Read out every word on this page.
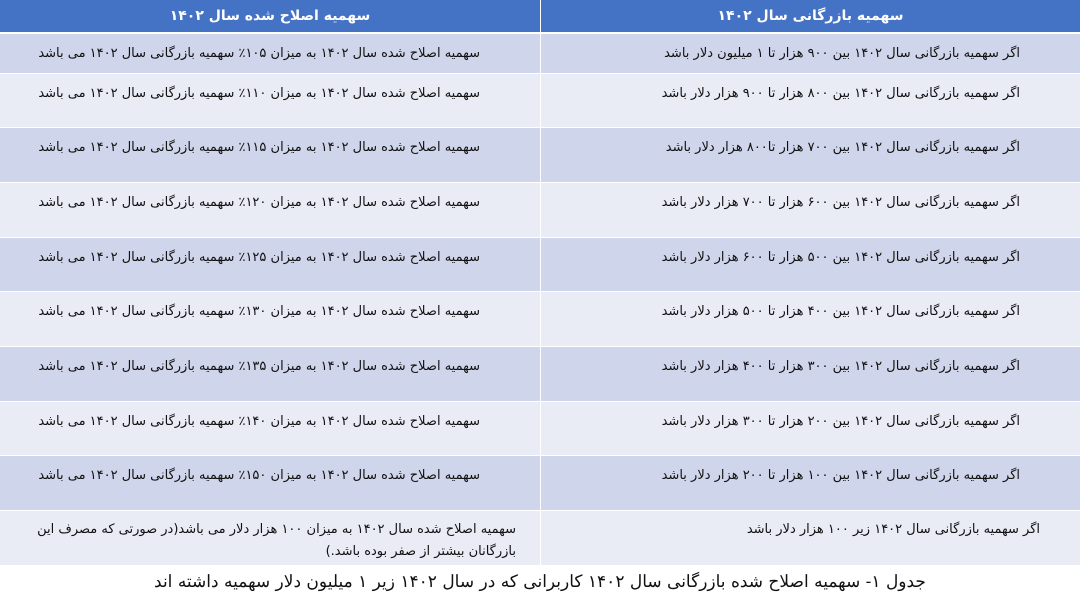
سهمیه بازرگانی سال ۱۴۰۲
سهمیه اصلاح شده سال ۱۴۰۲
اگر سهمیه بازرگانی سال ۱۴۰۲ بین ۹۰۰ هزار تا ۱ میلیون دلار باشد
سهمیه اصلاح شده سال ۱۴۰۲ به میزان ۱۰۵٪ سهمیه بازرگانی سال ۱۴۰۲ می باشد
اگر سهمیه بازرگانی سال ۱۴۰۲ بین ۸۰۰ هزار تا ۹۰۰ هزار دلار باشد
سهمیه اصلاح شده سال ۱۴۰۲ به میزان ۱۱۰٪ سهمیه بازرگانی سال ۱۴۰۲ می باشد
اگر سهمیه بازرگانی سال ۱۴۰۲ بین ۷۰۰ هزار تا۸۰۰ هزار دلار باشد
سهمیه اصلاح شده سال ۱۴۰۲ به میزان ۱۱۵٪ سهمیه بازرگانی سال ۱۴۰۲ می باشد
اگر سهمیه بازرگانی سال ۱۴۰۲ بین ۶۰۰ هزار تا ۷۰۰ هزار دلار باشد
سهمیه اصلاح شده سال ۱۴۰۲ به میزان ۱۲۰٪ سهمیه بازرگانی سال ۱۴۰۲ می باشد
اگر سهمیه بازرگانی سال ۱۴۰۲ بین ۵۰۰ هزار تا ۶۰۰ هزار دلار باشد
سهمیه اصلاح شده سال ۱۴۰۲ به میزان ۱۲۵٪ سهمیه بازرگانی سال ۱۴۰۲ می باشد
اگر سهمیه بازرگانی سال ۱۴۰۲ بین ۴۰۰ هزار تا ۵۰۰ هزار دلار باشد
سهمیه اصلاح شده سال ۱۴۰۲ به میزان ۱۳۰٪ سهمیه بازرگانی سال ۱۴۰۲ می باشد
اگر سهمیه بازرگانی سال ۱۴۰۲ بین ۳۰۰ هزار تا ۴۰۰ هزار دلار باشد
سهمیه اصلاح شده سال ۱۴۰۲ به میزان ۱۳۵٪ سهمیه بازرگانی سال ۱۴۰۲ می باشد
اگر سهمیه بازرگانی سال ۱۴۰۲ بین ۲۰۰ هزار تا ۳۰۰ هزار دلار باشد
سهمیه اصلاح شده سال ۱۴۰۲ به میزان ۱۴۰٪ سهمیه بازرگانی سال ۱۴۰۲ می باشد
اگر سهمیه بازرگانی سال ۱۴۰۲ بین ۱۰۰ هزار تا ۲۰۰ هزار دلار باشد
سهمیه اصلاح شده سال ۱۴۰۲ به میزان ۱۵۰٪ سهمیه بازرگانی سال ۱۴۰۲ می باشد
اگر سهمیه بازرگانی سال ۱۴۰۲ زیر ۱۰۰ هزار دلار باشد
سهمیه اصلاح شده سال ۱۴۰۲ به میزان ۱۰۰ هزار دلار می باشد(در صورتی که مصرف این بازرگانان بیشتر از صفر بوده باشد.)
جدول ۱- سهمیه اصلاح شده بازرگانی سال ۱۴۰۲ کاربرانی که در سال ۱۴۰۲ زیر ۱ میلیون دلار سهمیه داشته اند
